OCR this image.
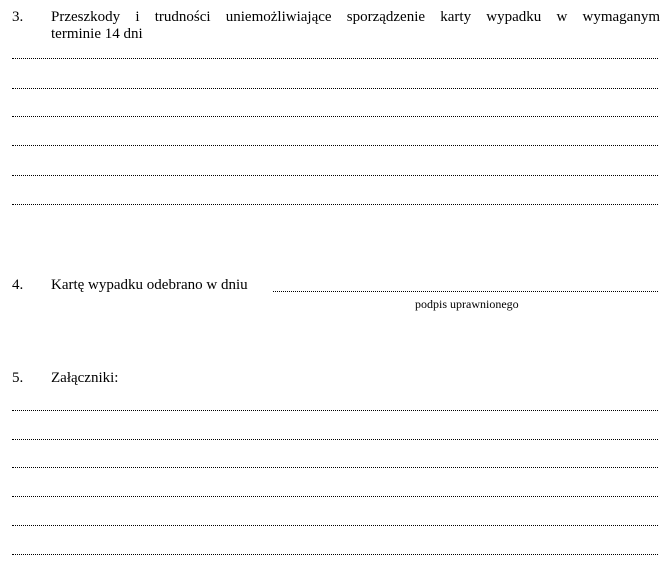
3. Przeszkody i trudności uniemożliwiające sporządzenie karty wypadku w wymaganym
terminie 14 dni
4. Kartę wypadku odebrano w dniu
podpis uprawnionego
5. Załączniki:
